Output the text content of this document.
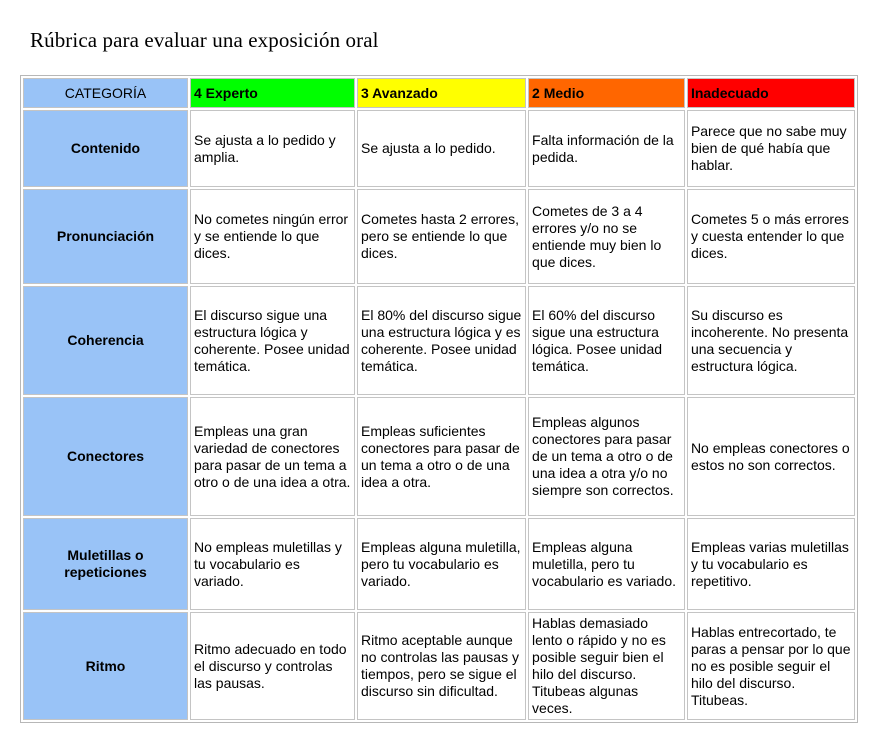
Rúbrica para evaluar una exposición oral
CATEGORÍA	4 Experto	3 Avanzado	2 Medio	Inadecuado
Contenido	Se ajusta a lo pedido y amplia.	Se ajusta a lo pedido.	Falta información de la pedida.	Parece que no sabe muy bien de qué había que hablar.
Pronunciación	No cometes ningún error y se entiende lo que dices.	Cometes hasta 2 errores, pero se entiende lo que dices.	Cometes de 3 a 4 errores y/o no se entiende muy bien lo que dices.	Cometes 5 o más errores y cuesta entender lo que dices.
Coherencia	El discurso sigue una estructura lógica y coherente. Posee unidad temática.	El 80% del discurso sigue una estructura lógica y es coherente. Posee unidad temática.	El 60% del discurso sigue una estructura lógica. Posee unidad temática.	Su discurso es incoherente. No presenta una secuencia y estructura lógica.
Conectores	Empleas una gran variedad de conectores para pasar de un tema a otro o de una idea a otra.	Empleas suficientes conectores para pasar de un tema a otro o de una idea a otra.	Empleas algunos conectores para pasar de un tema a otro o de una idea a otra y/o no siempre son correctos.	No empleas conectores o estos no son correctos.
Muletillas o repeticiones	No empleas muletillas y tu vocabulario es variado.	Empleas alguna muletilla, pero tu vocabulario es variado.	Empleas alguna muletilla, pero tu vocabulario es variado.	Empleas varias muletillas y tu vocabulario es repetitivo.
Ritmo	Ritmo adecuado en todo el discurso y controlas las pausas.	Ritmo aceptable aunque no controlas las pausas y tiempos, pero se sigue el discurso sin dificultad.	Hablas demasiado lento o rápido y no es posible seguir bien el hilo del discurso. Titubeas algunas veces.	Hablas entrecortado, te paras a pensar por lo que no es posible seguir el hilo del discurso. Titubeas.
